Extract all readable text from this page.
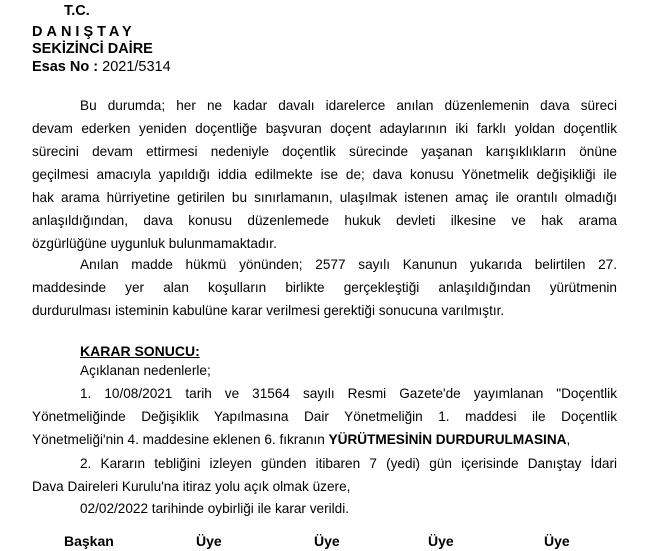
T.C.
DANIŞTAY
SEKİZİNCİ DAİRE
Esas No : 2021/5314
Bu durumda; her ne kadar davalı idarelerce anılan düzenlemenin dava süreci
devam ederken yeniden doçentliğe başvuran doçent adaylarının iki farklı yoldan doçentlik
sürecini devam ettirmesi nedeniyle doçentlik sürecinde yaşanan karışıklıkların önüne
geçilmesi amacıyla yapıldığı iddia edilmekte ise de; dava konusu Yönetmelik değişikliği ile
hak arama hürriyetine getirilen bu sınırlamanın, ulaşılmak istenen amaç ile orantılı olmadığı
anlaşıldığından, dava konusu düzenlemede hukuk devleti ilkesine ve hak arama
özgürlüğüne uygunluk bulunmamaktadır.
Anılan madde hükmü yönünden; 2577 sayılı Kanunun yukarıda belirtilen 27.
maddesinde yer alan koşulların birlikte gerçekleştiği anlaşıldığından yürütmenin
durdurulması isteminin kabulüne karar verilmesi gerektiği sonucuna varılmıştır.
KARAR SONUCU:
Açıklanan nedenlerle;
1. 10/08/2021 tarih ve 31564 sayılı Resmi Gazete'de yayımlanan "Doçentlik
Yönetmeliğinde Değişiklik Yapılmasına Dair Yönetmeliğin 1. maddesi ile Doçentlik
Yönetmeliği'nin 4. maddesine eklenen 6. fıkranın YÜRÜTMESİNİN DURDURULMASINA,
2. Kararın tebliğini izleyen günden itibaren 7 (yedi) gün içerisinde Danıştay İdari
Dava Daireleri Kurulu'na itiraz yolu açık olmak üzere,
02/02/2022 tarihinde oybirliği ile karar verildi.
Başkan	Üye	Üye	Üye	Üye
